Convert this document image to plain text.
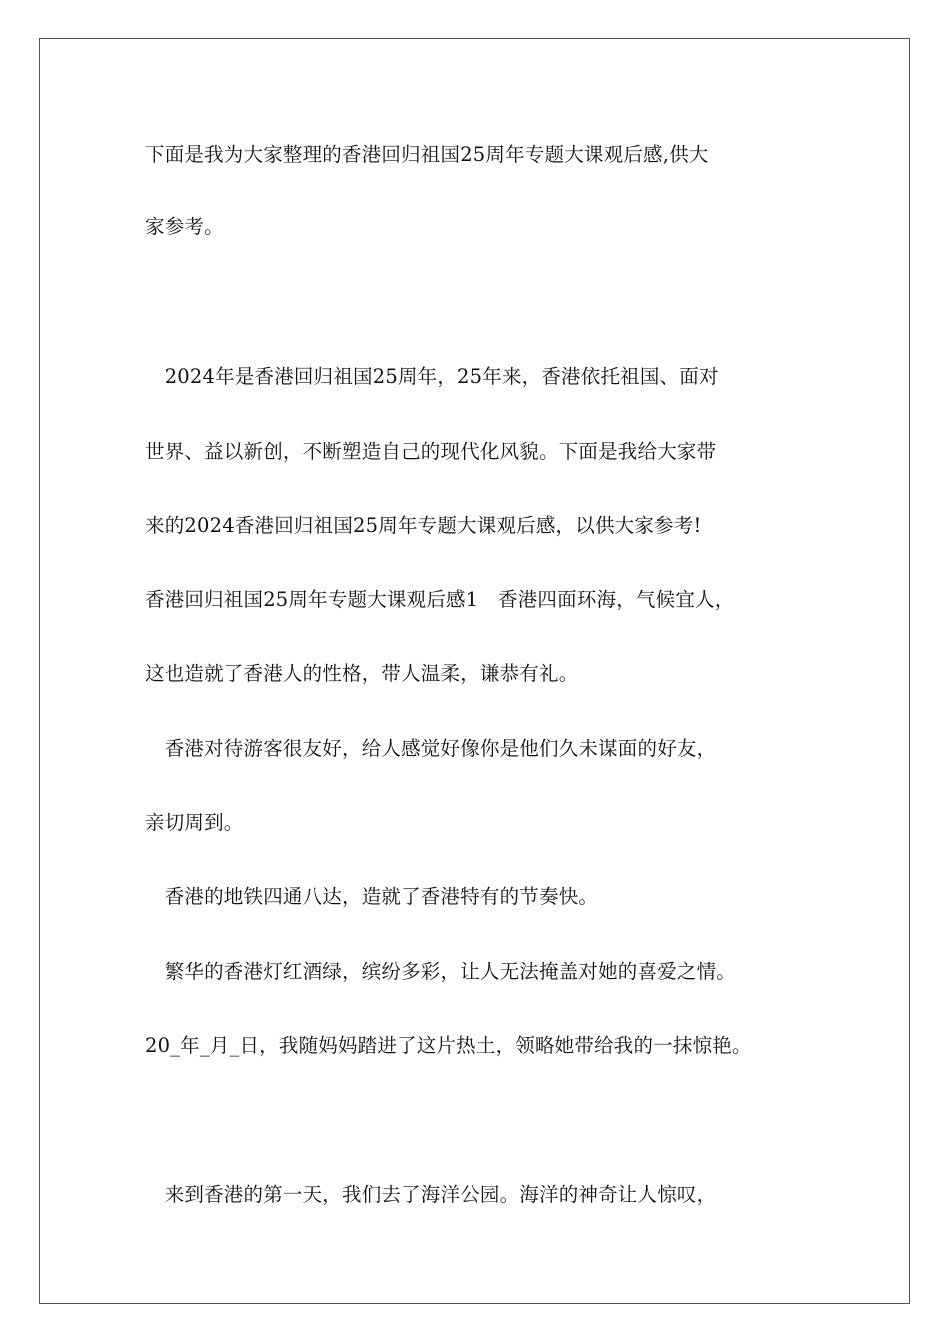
下面是我为大家整理的香港回归祖国25周年专题大课观后感,供大
家参考。
　2024年是香港回归祖国25周年，25年来，香港依托祖国、面对
世界、益以新创，不断塑造自己的现代化风貌。下面是我给大家带
来的2024香港回归祖国25周年专题大课观后感，以供大家参考!
香港回归祖国25周年专题大课观后感1　香港四面环海，气候宜人，
这也造就了香港人的性格，带人温柔，谦恭有礼。
　香港对待游客很友好，给人感觉好像你是他们久未谋面的好友，
亲切周到。
　香港的地铁四通八达，造就了香港特有的节奏快。
　繁华的香港灯红酒绿，缤纷多彩，让人无法掩盖对她的喜爱之情。
20_年_月_日，我随妈妈踏进了这片热土，领略她带给我的一抹惊艳。
　来到香港的第一天，我们去了海洋公园。海洋的神奇让人惊叹，
